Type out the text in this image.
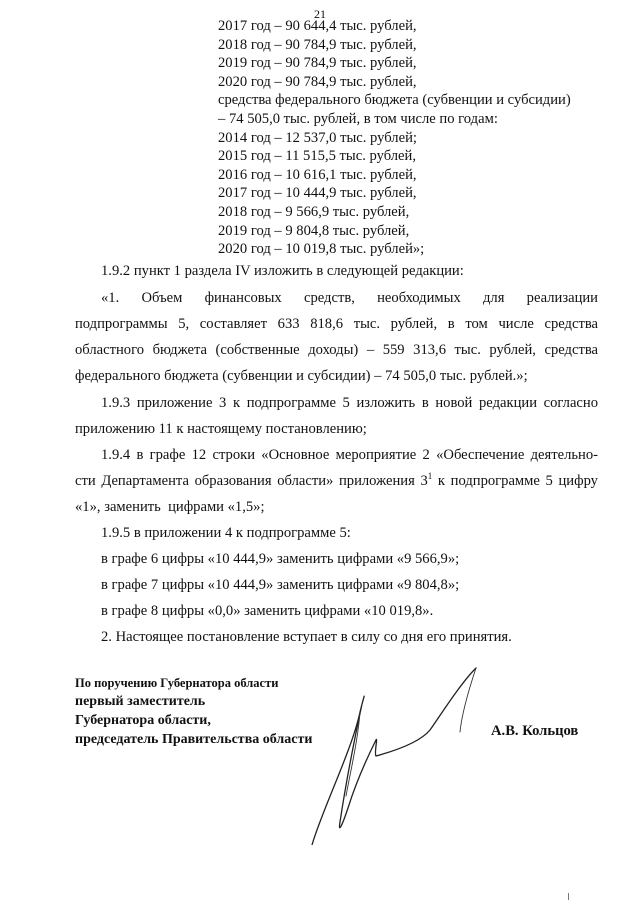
21
2017 год – 90 644,4 тыс. рублей,
2018 год – 90 784,9 тыс. рублей,
2019 год – 90 784,9 тыс. рублей,
2020 год – 90 784,9 тыс. рублей,
средства федерального бюджета (субвенции и субсидии)
– 74 505,0 тыс. рублей, в том числе по годам:
2014 год – 12 537,0 тыс. рублей;
2015 год – 11 515,5 тыс. рублей,
2016 год – 10 616,1 тыс. рублей,
2017 год – 10 444,9 тыс. рублей,
2018 год – 9 566,9 тыс. рублей,
2019 год – 9 804,8 тыс. рублей,
2020 год – 10 019,8 тыс. рублей»;
1.9.2 пункт 1 раздела IV изложить в следующей редакции:
«1. Объем финансовых средств, необходимых для реализации
подпрограммы 5, составляет 633 818,6 тыс. рублей, в том числе средства
областного бюджета (собственные доходы) – 559 313,6 тыс. рублей, средства
федерального бюджета (субвенции и субсидии) – 74 505,0 тыс. рублей.»;
1.9.3 приложение 3 к подпрограмме 5 изложить в новой редакции согласно
приложению 11 к настоящему постановлению;
1.9.4 в графе 12 строки «Основное мероприятие 2 «Обеспечение деятельно-
сти Департамента образования области» приложения $3^1$ к подпрограмме 5 цифру
«1», заменить  цифрами «1,5»;
1.9.5 в приложении 4 к подпрограмме 5:
в графе 6 цифры «10 444,9» заменить цифрами «9 566,9»;
в графе 7 цифры «10 444,9» заменить цифрами «9 804,8»;
в графе 8 цифры «0,0» заменить цифрами «10 019,8».
2. Настоящее постановление вступает в силу со дня его принятия.
По поручению Губернатора области
первый заместитель
Губернатора области,
председатель Правительства области
А.В. Кольцов
